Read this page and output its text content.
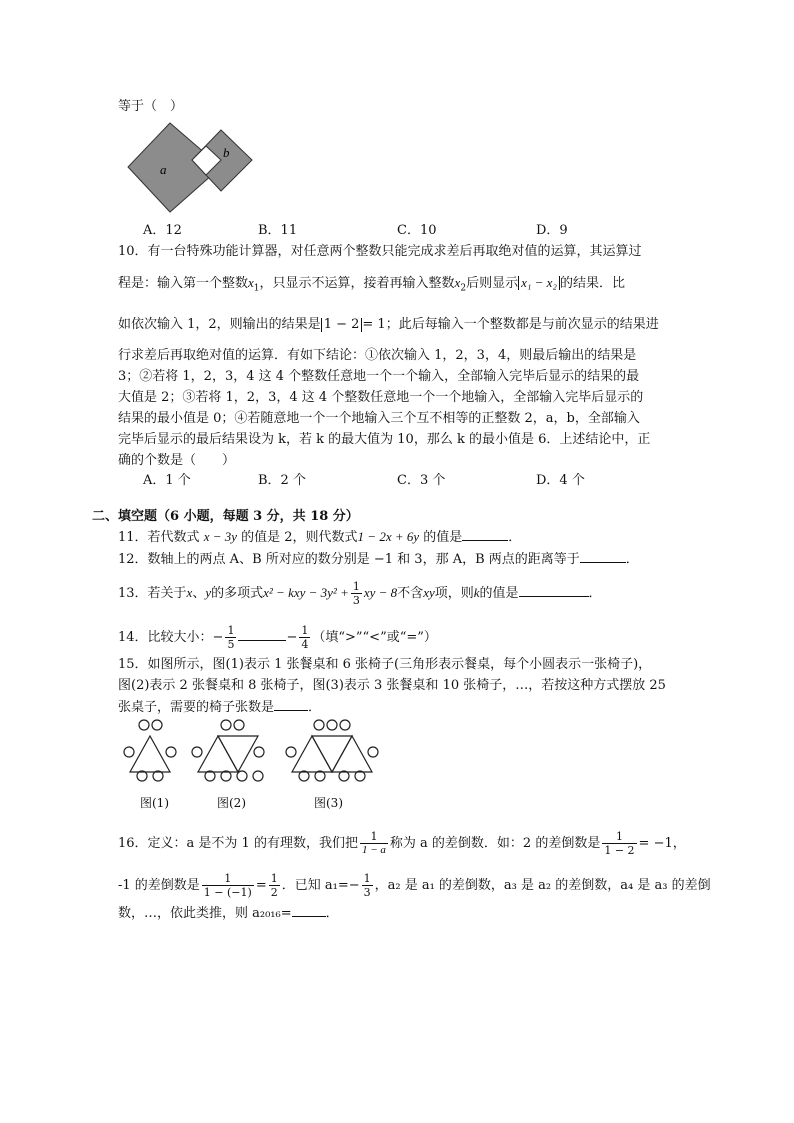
等于（　）
a
b
A．12	B．11	C．10	D．9
10．有一台特殊功能计算器，对任意两个整数只能完成求差后再取绝对值的运算，其运算过
程是：输入第一个整数$x_1$，只显示不运算，接着再输入整数$x_2$后则显示 x₁ − x₂ 的结果．比
如依次输入 1，2，则输出的结果是 1 − 2 = 1；此后每输入一个整数都是与前次显示的结果进
行求差后再取绝对值的运算．有如下结论：①依次输入 1，2，3，4，则最后输出的结果是
3；②若将 1，2，3，4 这 4 个整数任意地一个一个输入，全部输入完毕后显示的结果的最
大值是 2；③若将 1，2，3，4 这 4 个整数任意地一个一个地输入，全部输入完毕后显示的
结果的最小值是 0；④若随意地一个一个地输入三个互不相等的正整数 2，a，b，全部输入
完毕后显示的最后结果设为 k，若 k 的最大值为 10，那么 k 的最小值是 6．上述结论中，正
确的个数是（　　）
A．1 个	B．2 个	C．3 个	D．4 个
二、填空题（6 小题，每题 3 分，共 18 分）
11．若代数式 x − 3y 的值是 2，则代数式1 − 2x + 6y 的值是	．
12．数轴上的两点 A、B 所对应的数分别是 −1 和 3，那 A，B 两点的距离等于	．
13．若关于x、y的多项式x² − kxy − $3y^2 + \frac{1}{3}$ xy − 8不含xy项，则k的值是	．
14．比较大小：− $\frac{1}{5}$	− $\frac{1}{4}$ （填“>”“<”或“=”）
15．如图所示，图(1)表示 1 张餐桌和 6 张椅子(三角形表示餐桌，每个小圆表示一张椅子)，
图(2)表示 2 张餐桌和 8 张椅子，图(3)表示 3 张餐桌和 10 张椅子，…，若按这种方式摆放 25
张桌子，需要的椅子张数是	．
图(1)	图(2)	图(3)
16．定义：a 是不为 1 的有理数，我们把 $\frac{1}{1 - a}$ 称为 a 的差倒数．如：2 的差倒数是 $\frac{1}{1 - 2} = -1$，
-1 的差倒数是 $\frac{1}{1 - (-1)} = \frac{1}{2}$ ．已知 $a_1=- \frac{1}{3}$ ，a₂ 是 a₁ 的差倒数，a₃ 是 a₂ 的差倒数，a₄ 是 a₃ 的差倒
数，…，依此类推，则 a₂₀₁₆=	．
